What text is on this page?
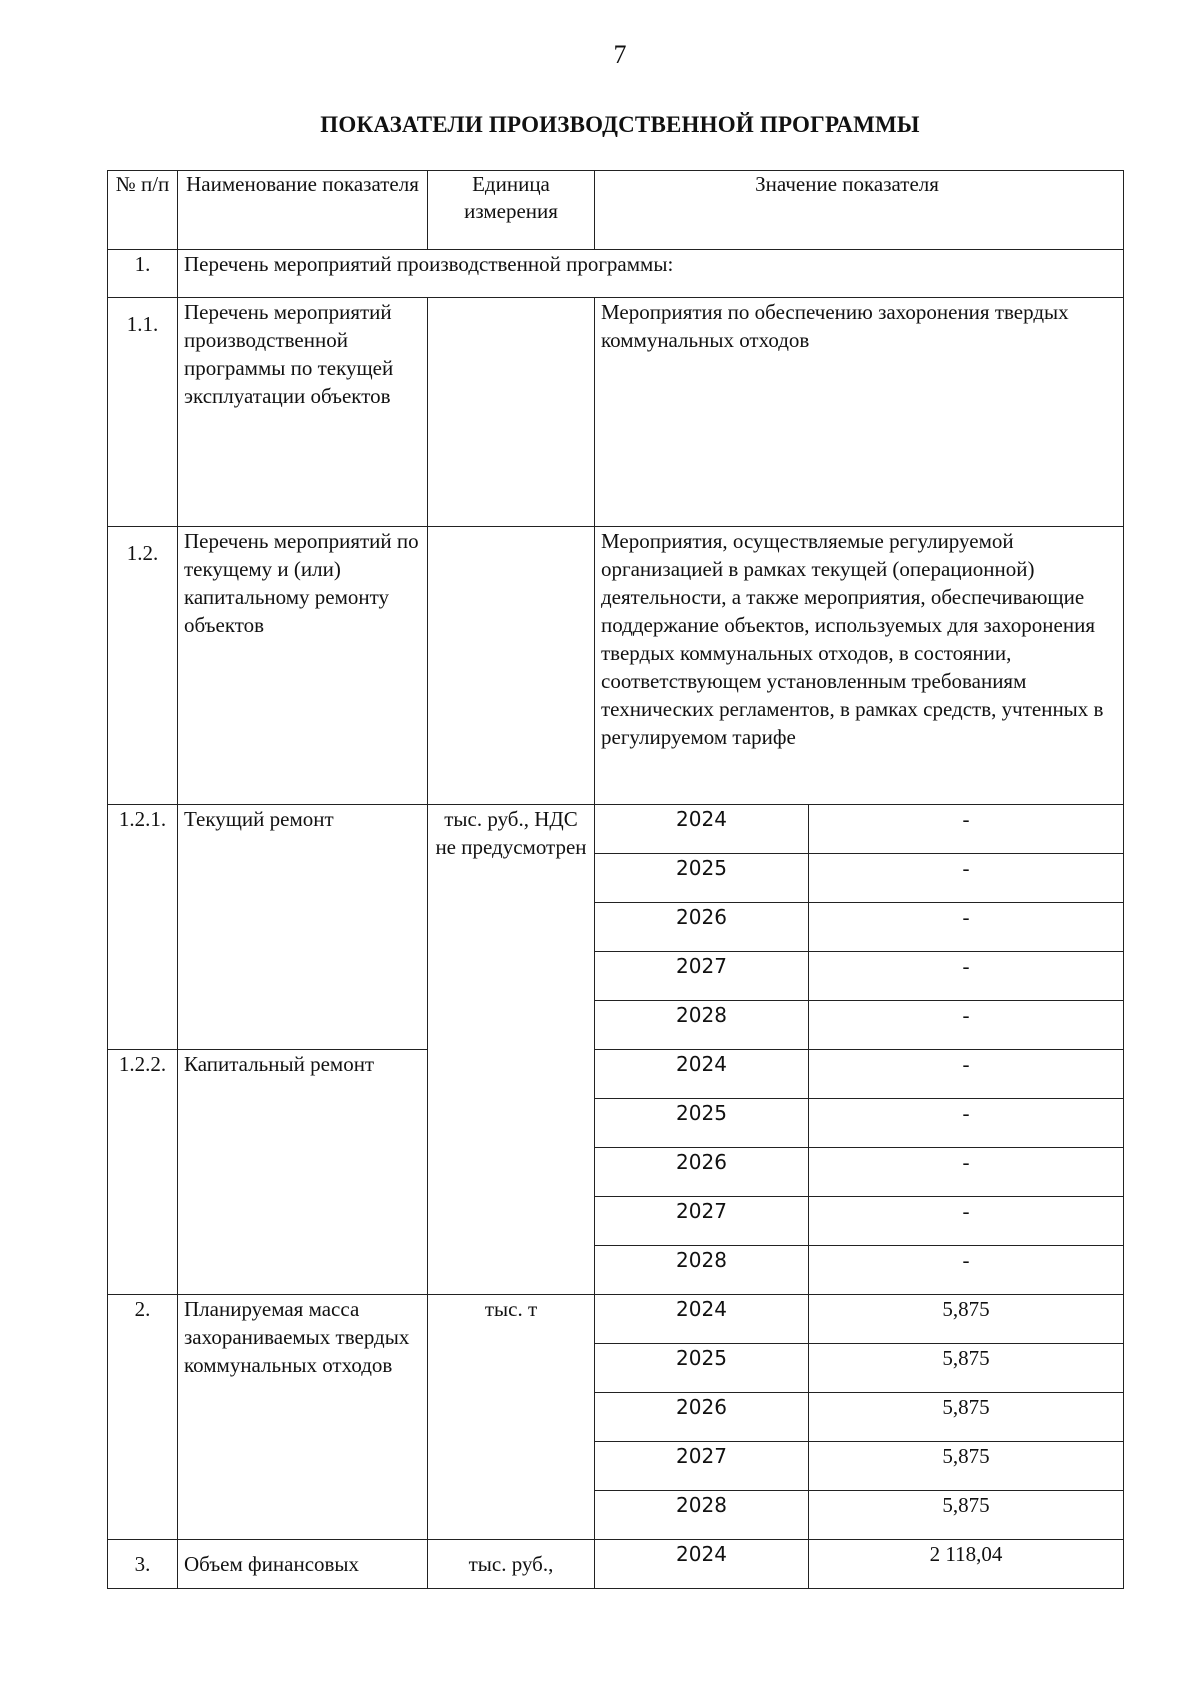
7
ПОКАЗАТЕЛИ ПРОИЗВОДСТВЕННОЙ ПРОГРАММЫ
№ п/п	Наименование показателя	Единица измерения	Значение показателя	
1.	Перечень мероприятий производственной программы:			
1.1.	Перечень мероприятий производственной программы по текущей эксплуатации объектов		Мероприятия по обеспечению захоронения твердых коммунальных отходов	
1.2.	Перечень мероприятий по текущему и (или) капитальному ремонту объектов		Мероприятия, осуществляемые регулируемой организацией в рамках текущей (операционной) деятельности, а также мероприятия, обеспечивающие поддержание объектов, используемых для захоронения твердых коммунальных отходов, в состоянии, соответствующем установленным требованиям технических регламентов, в рамках средств, учтенных в регулируемом тарифе	
1.2.1.	Текущий ремонт	тыс. руб., НДС не предусмотрен	2024	-
			2025	-
			2026	-
			2027	-
			2028	-
1.2.2.	Капитальный ремонт		2024	-
			2025	-
			2026	-
			2027	-
			2028	-
2.	Планируемая масса захораниваемых твердых коммунальных отходов	тыс. т	2024	5,875
			2025	5,875
			2026	5,875
			2027	5,875
			2028	5,875
3.	Объем финансовых	тыс. руб.,	2024	2 118,04
